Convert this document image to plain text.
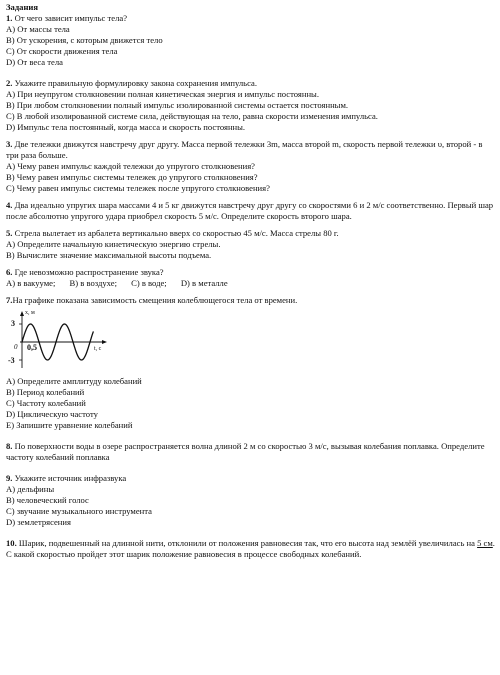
Задания
1. От чего зависит импульс тела?
А) От массы тела
В) От ускорения, с которым движется тело
С) От скорости движения тела
D) От веса тела
2. Укажите правильную формулировку закона сохранения импульса.
А) При неупругом столкновении полная кинетическая энергия и импульс постоянны.
В) При любом столкновении полный импульс изолированной системы остается постоянным.
С) В любой изолированной системе сила, действующая на тело, равна скорости изменения импульса.
D) Импульс тела постоянный, когда масса и скорость постоянны.
3. Две тележки движутся навстречу друг другу. Масса первой тележки 3m, масса второй m, скорость первой тележки υ, второй - в три раза больше.
А) Чему равен импульс каждой тележки до упругого столкновения?
В) Чему равен импульс системы тележек до упругого столкновения?
С) Чему равен импульс системы тележек после упругого столкновения?
4. Два идеально упругих шара массами 4 и 5 кг движутся навстречу друг другу со скоростями 6 и 2 м/с соответственно. Первый шар после абсолютно упругого удара приобрел скорость 5 м/с. Определите скорость второго шара.
5. Стрела вылетает из арбалета вертикально вверх со скоростью 45 м/с. Масса стрелы 80 г.
А) Определите начальную кинетическую энергию стрелы.
В) Вычислите значение максимальной высоты подъема.
6. Где невозможно распространение звука?
А) в вакууме; В) в воздухе; С) в воде; D) в металле
7.На графике показана зависимость смещения колеблющегося тела от времени.
x, м
t, с
3
-3
0 0,5
А) Определите амплитуду колебаний
В) Период колебаний
С) Частоту колебаний
D) Циклическую частоту
Е) Запишите уравнение колебаний
8. По поверхности воды в озере распространяется волна длиной 2 м со скоростью 3 м/с, вызывая колебания поплавка. Определите частоту колебаний поплавка
9. Укажите источник инфразвука
А) дельфины
В) человеческий голос
С) звучание музыкального инструмента
D) землетрясения
10. Шарик, подвешенный на длинной нити, отклонили от положения равновесия так, что его высота над землёй увеличилась на 5 см. С какой скоростью пройдет этот шарик положение равновесия в процессе свободных колебаний.
